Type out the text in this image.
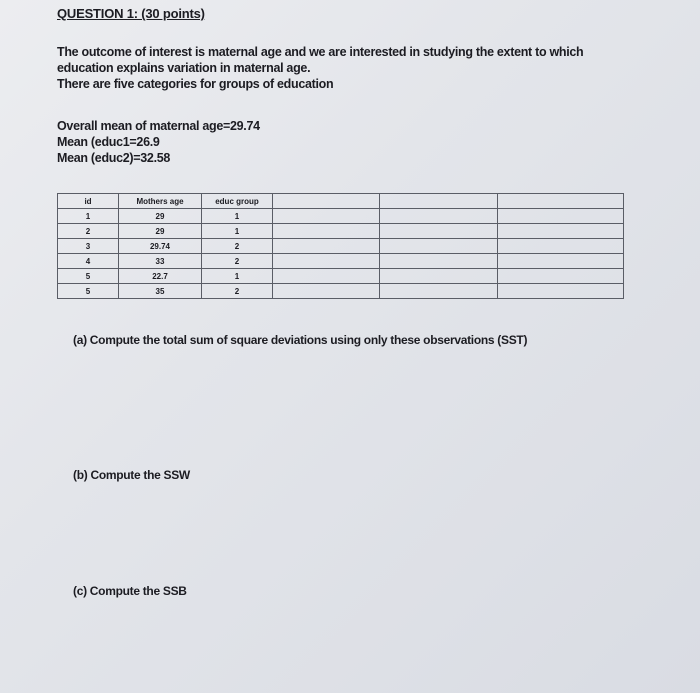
QUESTION 1: (30 points)
The outcome of interest is maternal age and we are interested in studying the extent to which
education explains variation in maternal age.
There are five categories for groups of education
Overall mean of maternal age=29.74
Mean (educ1=26.9
Mean (educ2)=32.58
id	Mothers age	educ group			
1	29	1			
2	29	1			
3	29.74	2			
4	33	2			
5	22.7	1			
5	35	2			
(a) Compute the total sum of square deviations using only these observations (SST)
(b) Compute the SSW
(c) Compute the SSB
